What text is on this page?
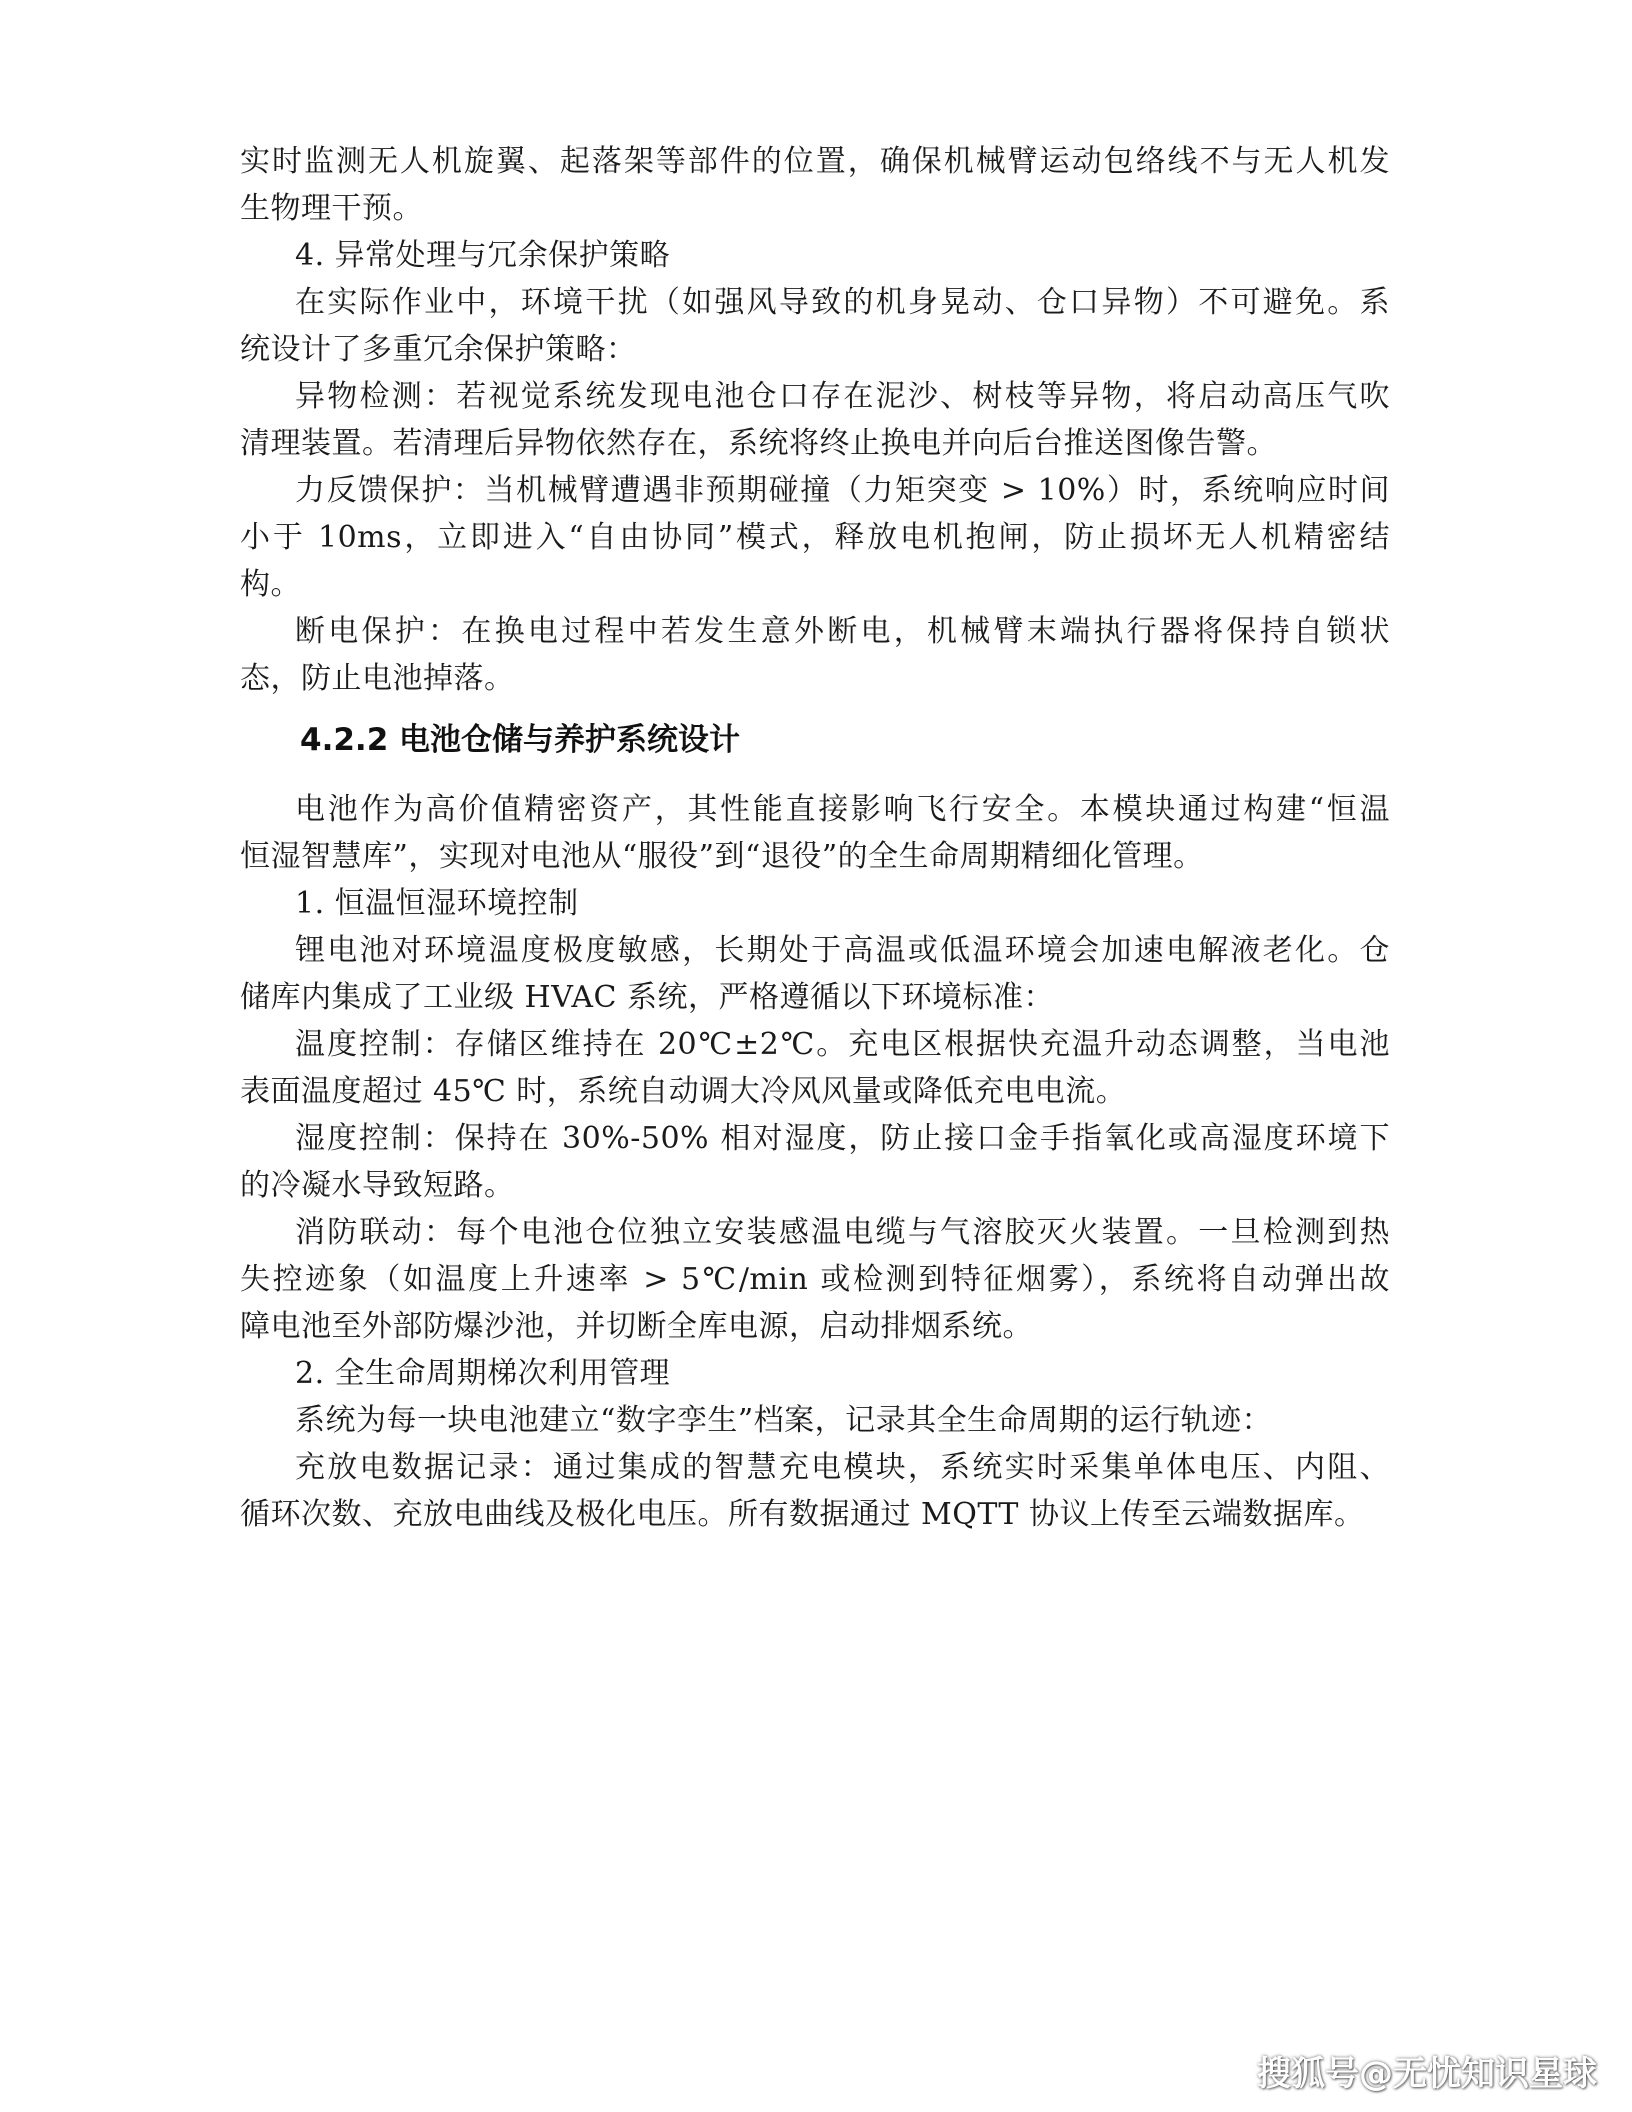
实时监测无人机旋翼、起落架等部件的位置，确保机械臂运动包络线不与无人机发
生物理干预。
4. 异常处理与冗余保护策略
在实际作业中，环境干扰（如强风导致的机身晃动、仓口异物）不可避免。系
统设计了多重冗余保护策略：
异物检测：若视觉系统发现电池仓口存在泥沙、树枝等异物，将启动高压气吹
清理装置。若清理后异物依然存在，系统将终止换电并向后台推送图像告警。
力反馈保护：当机械臂遭遇非预期碰撞（力矩突变 > 10%）时，系统响应时间
小于 10ms，立即进入“自由协同”模式，释放电机抱闸，防止损坏无人机精密结
构。
断电保护：在换电过程中若发生意外断电，机械臂末端执行器将保持自锁状
态，防止电池掉落。
4.2.2 电池仓储与养护系统设计
电池作为高价值精密资产，其性能直接影响飞行安全。本模块通过构建“恒温
恒湿智慧库”，实现对电池从“服役”到“退役”的全生命周期精细化管理。
1. 恒温恒湿环境控制
锂电池对环境温度极度敏感，长期处于高温或低温环境会加速电解液老化。仓
储库内集成了工业级 HVAC 系统，严格遵循以下环境标准：
温度控制：存储区维持在 20℃±2℃。充电区根据快充温升动态调整，当电池
表面温度超过 45℃ 时，系统自动调大冷风风量或降低充电电流。
湿度控制：保持在 30%-50% 相对湿度，防止接口金手指氧化或高湿度环境下
的冷凝水导致短路。
消防联动：每个电池仓位独立安装感温电缆与气溶胶灭火装置。一旦检测到热
失控迹象（如温度上升速率 > 5℃/min 或检测到特征烟雾），系统将自动弹出故
障电池至外部防爆沙池，并切断全库电源，启动排烟系统。
2. 全生命周期梯次利用管理
系统为每一块电池建立“数字孪生”档案，记录其全生命周期的运行轨迹：
充放电数据记录：通过集成的智慧充电模块，系统实时采集单体电压、内阻、
循环次数、充放电曲线及极化电压。所有数据通过 MQTT 协议上传至云端数据库。
搜狐号@无忧知识星球
